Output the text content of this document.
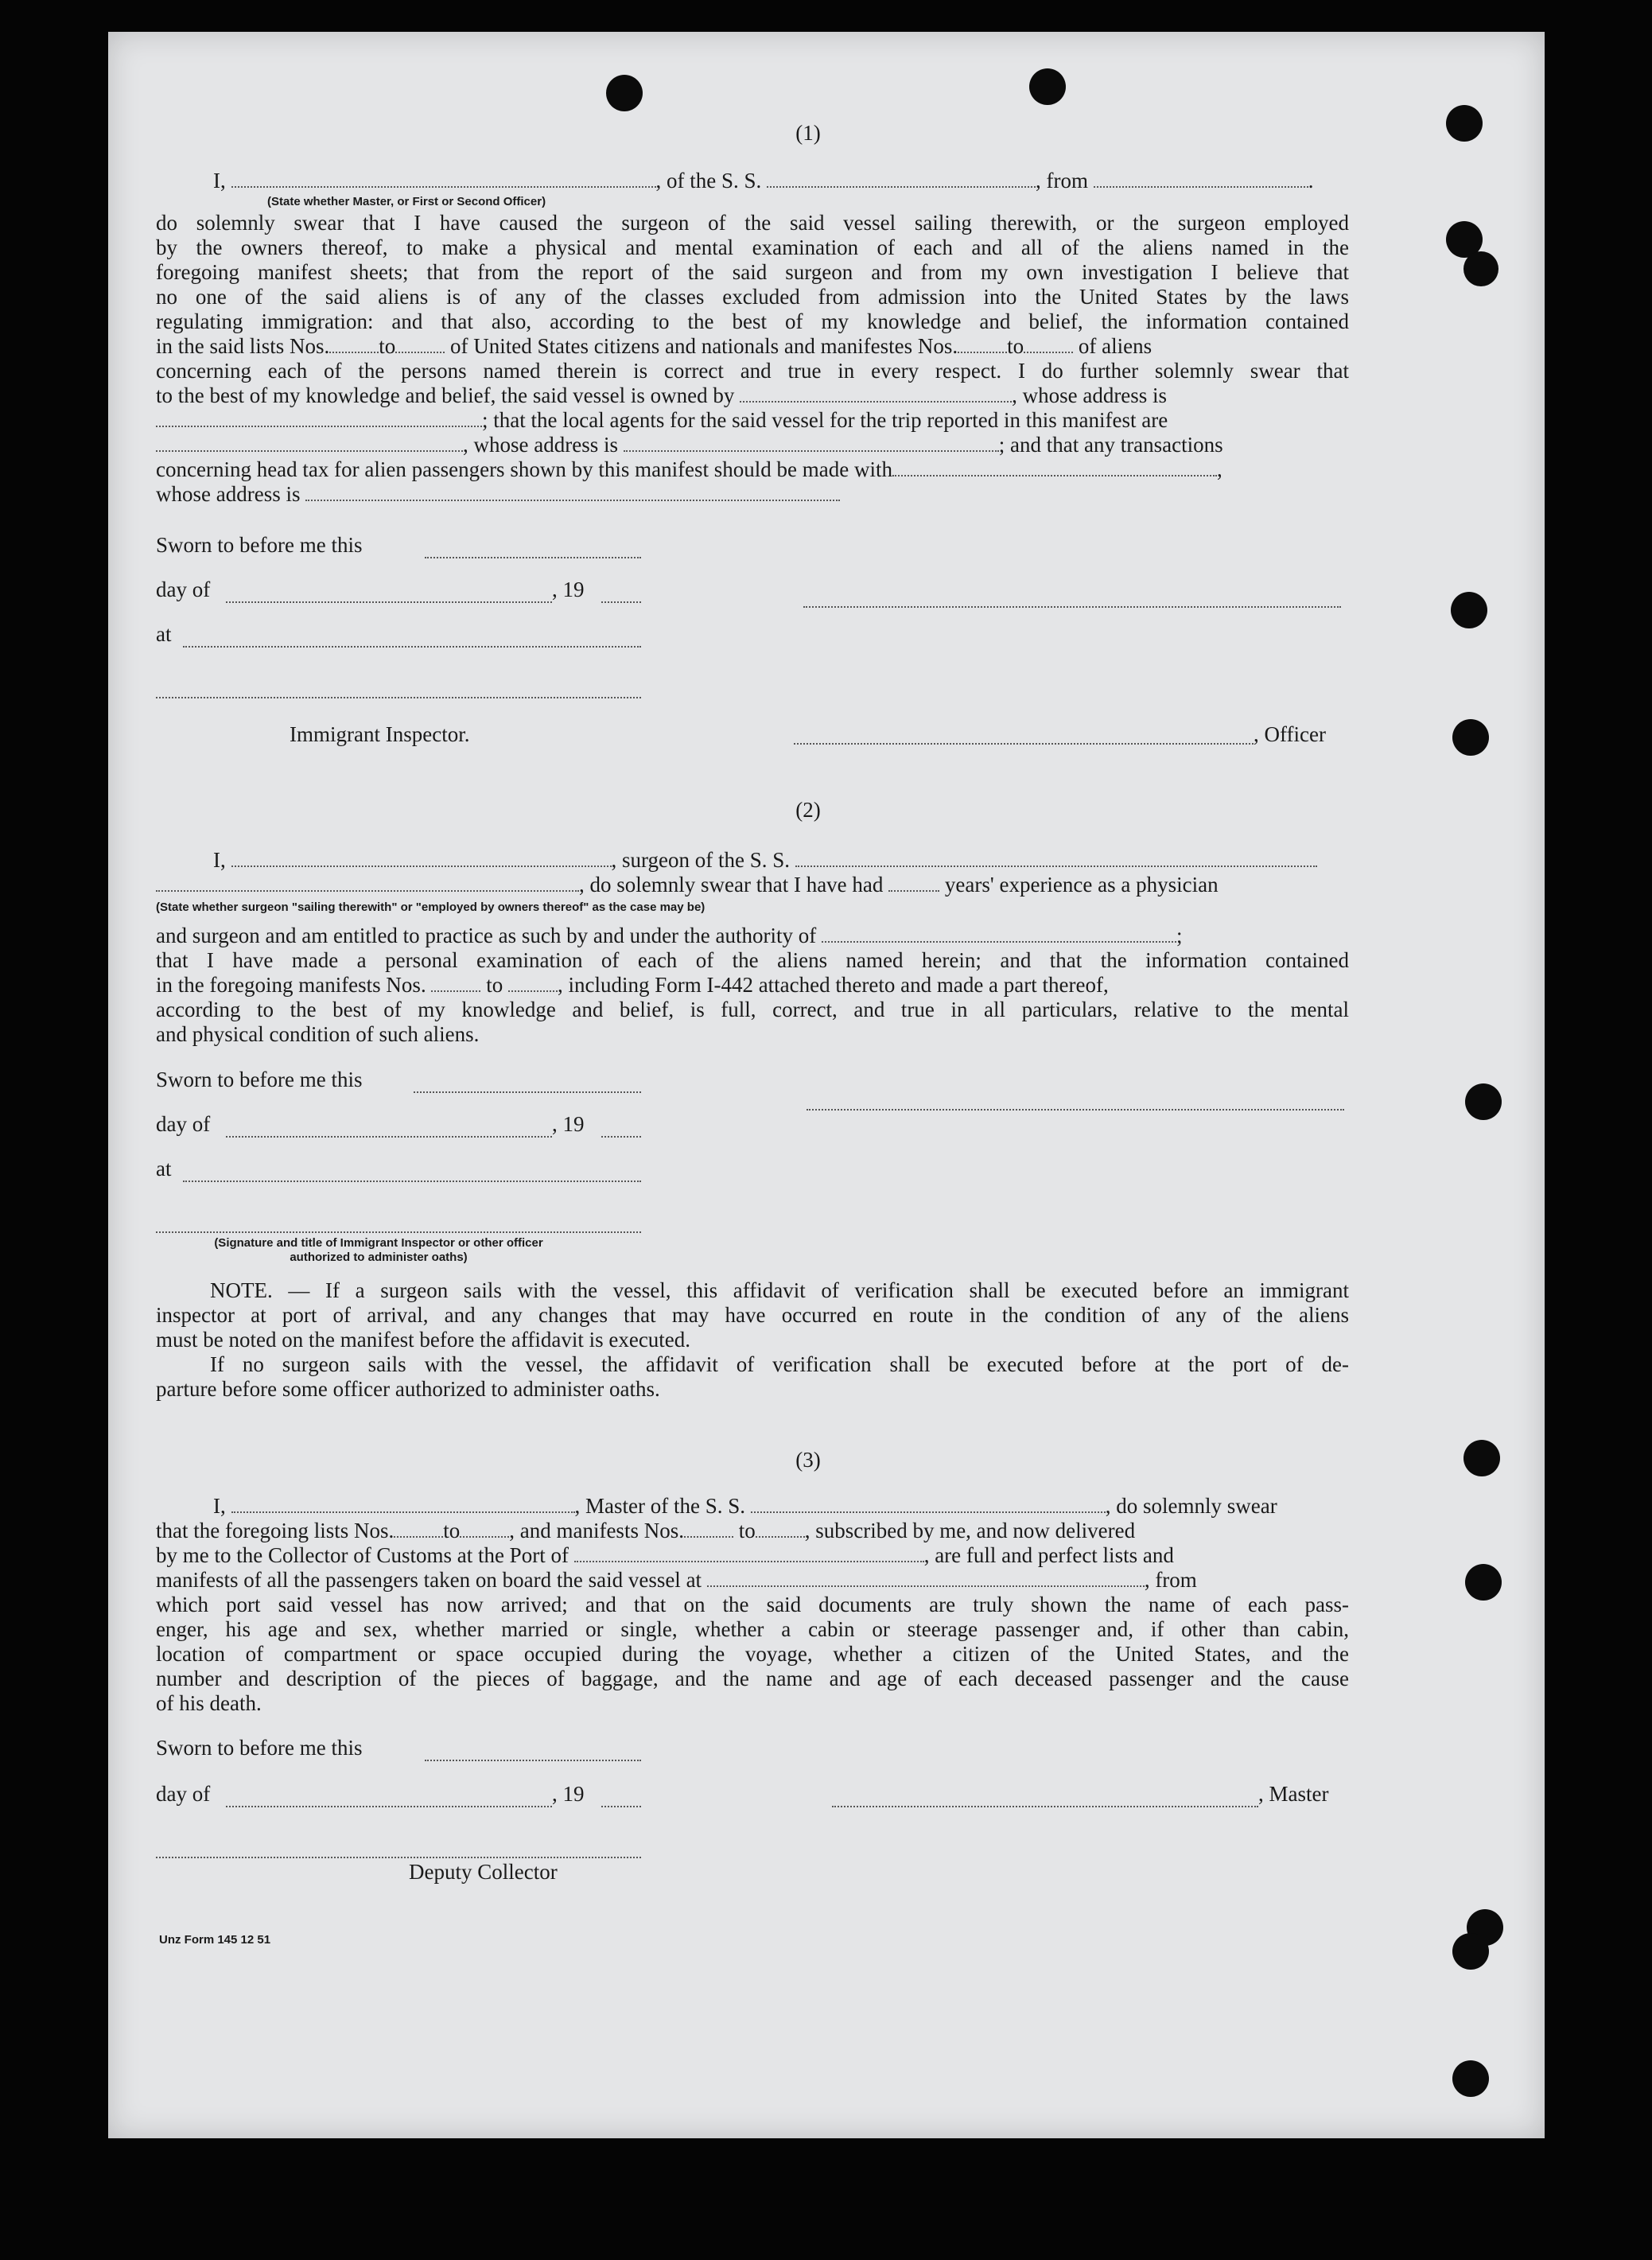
(1)
I,	, of the S. S.	, from	.
(State whether Master, or First or Second Officer)
do solemnly swear that I have caused the surgeon of the said vessel sailing therewith, or the surgeon employed
by the owners thereof, to make a physical and mental examination of each and all of the aliens named in the
foregoing manifest sheets; that from the report of the said surgeon and from my own investigation I believe that
no one of the said aliens is of any of the classes excluded from admission into the United States by the laws
regulating immigration: and that also, according to the best of my knowledge and belief, the information contained
in the said lists Nos. to	of United States citizens and nationals and manifestes Nos. to	of aliens
concerning each of the persons named therein is correct and true in every respect. I do further solemnly swear that
to the best of my knowledge and belief, the said vessel is owned by	, whose address is
; that the local agents for the said vessel for the trip reported in this manifest are
, whose address is	; and that any transactions
concerning head tax for alien passengers shown by this manifest should be made with	,
whose address is
Sworn to before me this
day of	, 19
at
Immigrant Inspector.	, Officer
(2)
I,	, surgeon of the S. S.
, do solemnly swear that I have had	years' experience as a physician
(State whether surgeon "sailing therewith" or "employed by owners thereof" as the case may be)
and surgeon and am entitled to practice as such by and under the authority of	;
that I have made a personal examination of each of the aliens named herein; and that the information contained
in the foregoing manifests Nos.	to	, including Form I-442 attached thereto and made a part thereof,
according to the best of my knowledge and belief, is full, correct, and true in all particulars, relative to the mental
and physical condition of such aliens.
Sworn to before me this
day of	, 19
at
(Signature and title of Immigrant Inspector or other officer authorized to administer oaths)
NOTE. — If a surgeon sails with the vessel, this affidavit of verification shall be executed before an immigrant
inspector at port of arrival, and any changes that may have occurred en route in the condition of any of the aliens
must be noted on the manifest before the affidavit is executed.
If no surgeon sails with the vessel, the affidavit of verification shall be executed before at the port of de-
parture before some officer authorized to administer oaths.
(3)
I,	, Master of the S. S.	, do solemnly swear
that the foregoing lists Nos. to , and manifests Nos.	to , subscribed by me, and now delivered
by me to the Collector of Customs at the Port of	, are full and perfect lists and
manifests of all the passengers taken on board the said vessel at	, from
which port said vessel has now arrived; and that on the said documents are truly shown the name of each pass-
enger, his age and sex, whether married or single, whether a cabin or steerage passenger and, if other than cabin,
location of compartment or space occupied during the voyage, whether a citizen of the United States, and the
number and description of the pieces of baggage, and the name and age of each deceased passenger and the cause
of his death.
Sworn to before me this
day of	, 19	, Master
Deputy Collector
Unz Form 145 12 51
